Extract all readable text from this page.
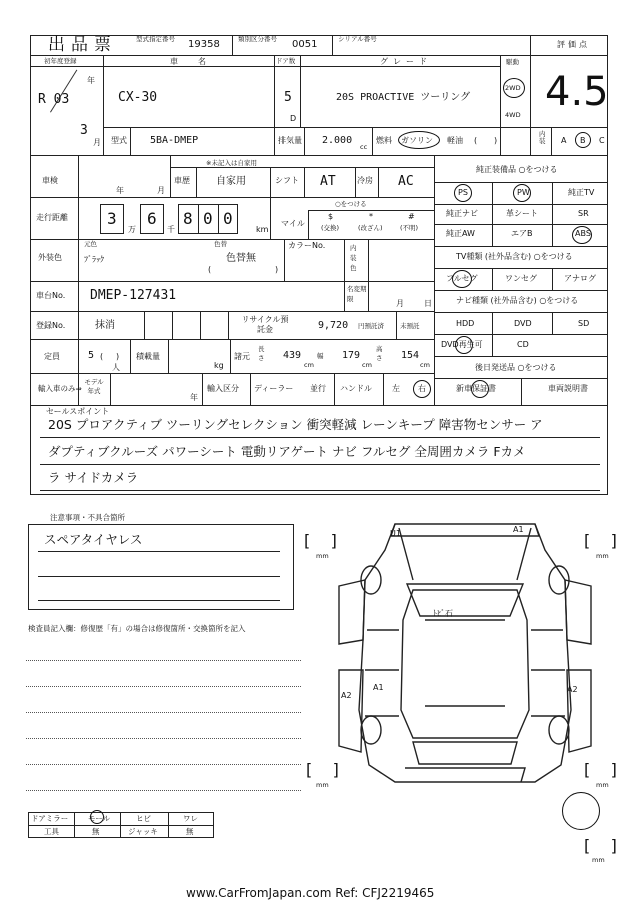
出品票	型式指定番号 19358	類別区分番号 0051	シリアル番号
評価点
4.5
初年度登録
年
R 03
3
月
車名
CX-30
ドア数
5
D
グレード
20S PROACTIVE ツーリング
駆動
2WD
4WD
型式 5BA-DMEP	排気量 2.000
cc
燃料 ガソリン 軽油 ( )
内装 A B C
車検
年	月
※未記入は自家用
車歴	自家用	シフト AT	冷房 AC
走行距離 3
万
6
千
8 0 0
km
マイル
○をつける
$
(交換)
*
(改ざん)
#
(不明)
外装色
元色
ﾌﾞﾗｯｸ
色替
色替無
(	)
カラーNo.	内装色
車台No. DMEP-127431	名変期限	月	日
登録No.	抹消
リサイクル預託金	9,720 円預託済 未預託
定員	5 ( )
人
積載量
kg
諸元
長さ 439
cm
幅 179
cm
高さ 154
cm
輸入車のみ⇒
モデル年式
年
輸入区分 ディーラー 並行 ハンドル	左 右
純正装備品 ○をつける
PS	PW	純正TV
純正ナビ	革シート	SR
純正AW	エアB	ABS
TV種類 (社外品含む) ○をつける
フルセグ	ワンセグ	アナログ
ナビ種類 (社外品含む) ○をつける
HDD	DVD	SD
DVD再生可	CD
後日発送品 ○をつける
新車保証書	車両説明書
セールスポイント
20S プロアクティブ ツーリングセレクション 衝突軽減 レーンキープ 障害物センサー ア
ダプティブクルーズ パワーシート 電動リアゲート ナビ フルセグ 全周囲カメラ Fカメ
ラ サイドカメラ
注意事項・不具合箇所
スペアタイヤレス
検査員記入欄：修復歴「有」の場合は修復箇所・交換箇所を記入
ドアミラー	モール	ヒビ	ワレ
工具	無	ジャッキ	無
U1	A1
ﾄﾋﾞ石
A1
A2
A2
[    ]
mm
[    ]
mm
[    ]
mm
[    ]
mm
[    ]
mm
www.CarFromJapan.com Ref: CFJ2219465
